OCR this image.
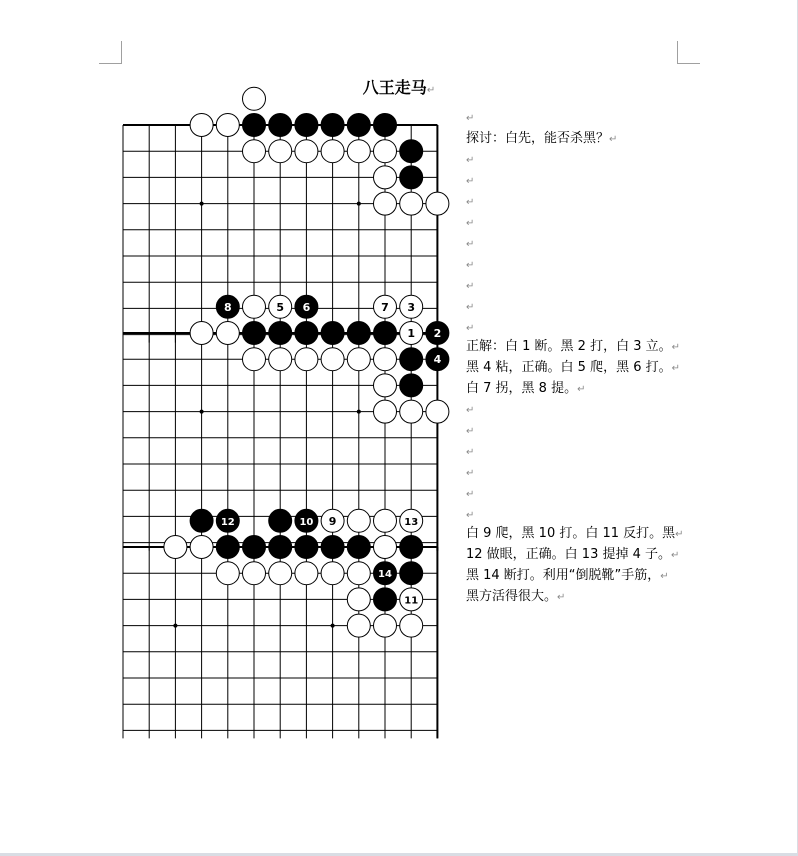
八王走马↵
8	5 6	7 3
1 2
4
12	10 9	13
14
11
↵
探讨：白先，能否杀黑？↵
↵
↵
↵
↵
↵
↵
↵
↵
↵
正解：白 1 断。黑 2 打，白 3 立。↵
黑 4 粘，正确。白 5 爬，黑 6 打。↵
白 7 拐，黑 8 提。↵
↵
↵
↵
↵
↵
↵
白 9 爬，黑 10 打。白 11 反打。黑↵
12 做眼，正确。白 13 提掉 4 子。↵
黑 14 断打。利用“倒脱靴”手筋，↵
黑方活得很大。↵
